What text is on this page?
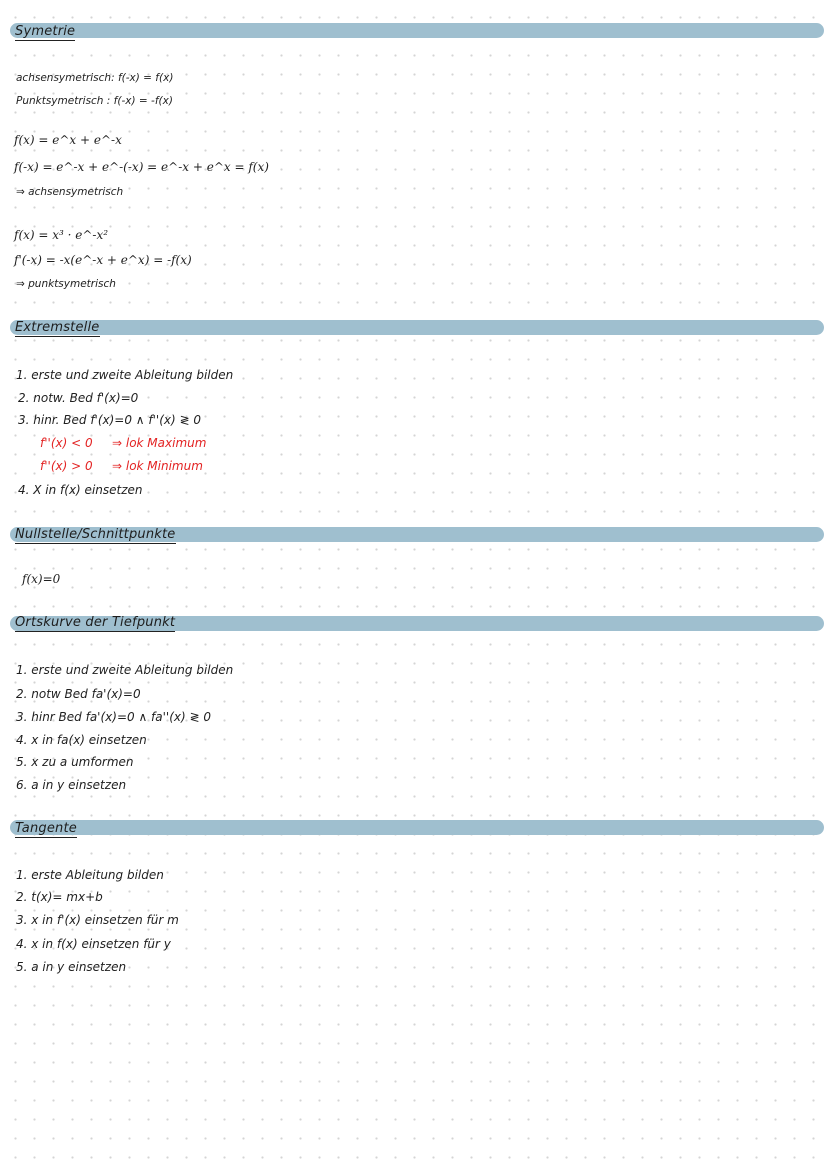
Symetrie
achsensymetrisch: f(-x) = f(x)
Punktsymetrisch : f(-x) = -f(x)
f(x) = e^x + e^-x
f(-x) = e^-x + e^-(-x) = e^-x + e^x = f(x)
⇒ achsensymetrisch
f(x) = x³ · e^-x²
f'(-x) = -x(e^-x + e^x) = -f(x)
⇒ punktsymetrisch
Extremstelle
1. erste und zweite Ableitung bilden
2. notw. Bed f'(x)=0
3. hinr. Bed f'(x)=0 ∧ f''(x) ≷ 0
f''(x) < 0 ⇒ lok Maximum
f''(x) > 0 ⇒ lok Minimum
4. X in f(x) einsetzen
Nullstelle/Schnittpunkte
f(x)=0
Ortskurve der Tiefpunkt
1. erste und zweite Ableitung bilden
2. notw Bed fa'(x)=0
3. hinr Bed fa'(x)=0 ∧ fa''(x) ≷ 0
4. x in fa(x) einsetzen
5. x zu a umformen
6. a in y einsetzen
Tangente
1. erste Ableitung bilden
2. t(x)= mx+b
3. x in f'(x) einsetzen für m
4. x in f(x) einsetzen für y
5. a in y einsetzen
